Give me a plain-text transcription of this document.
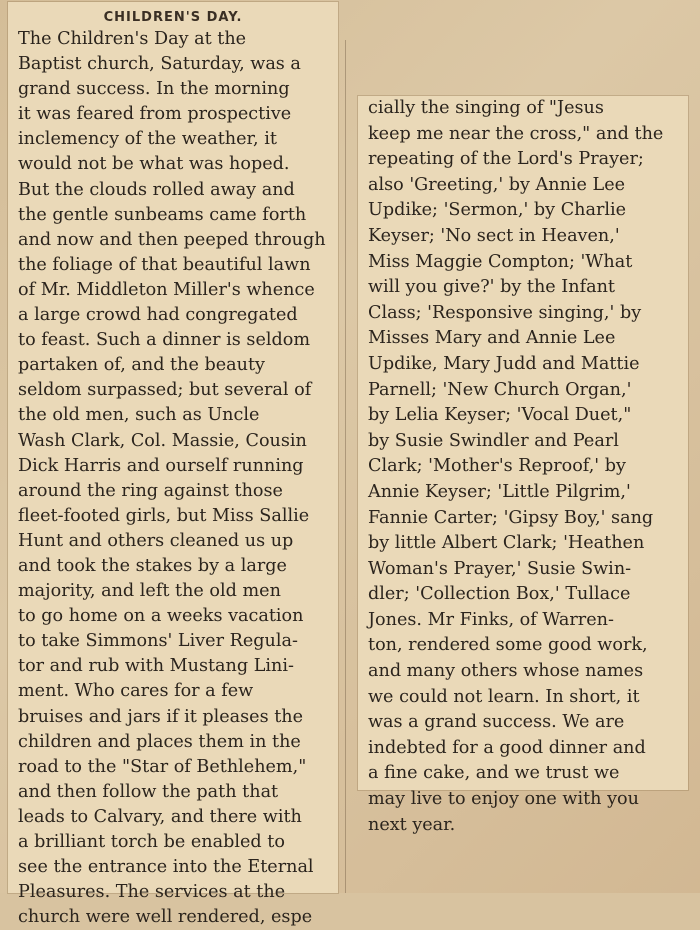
CHILDREN'S DAY.

The Children's Day at the
Baptist church, Saturday, was a
grand success. In the morning
it was feared from prospective
inclemency of the weather, it
would not be what was hoped.
But the clouds rolled away and
the gentle sunbeams came forth
and now and then peeped through
the foliage of that beautiful lawn
of Mr. Middleton Miller's whence
a large crowd had congregated
to feast. Such a dinner is seldom
partaken of, and the beauty
seldom surpassed; but several of
the old men, such as Uncle
Wash Clark, Col. Massie, Cousin
Dick Harris and ourself running
around the ring against those
fleet-footed girls, but Miss Sallie
Hunt and others cleaned us up
and took the stakes by a large
majority, and left the old men
to go home on a weeks vacation
to take Simmons' Liver Regula-
tor and rub with Mustang Lini-
ment. Who cares for a few
bruises and jars if it pleases the
children and places them in the
road to the "Star of Bethlehem,"
and then follow the path that
leads to Calvary, and there with
a brilliant torch be enabled to
see the entrance into the Eternal
Pleasures. The services at the
church were well rendered, espe

cially the singing of "Jesus
keep me near the cross," and the
repeating of the Lord's Prayer;
also 'Greeting,' by Annie Lee
Updike; 'Sermon,' by Charlie
Keyser; 'No sect in Heaven,'
Miss Maggie Compton; 'What
will you give?' by the Infant
Class; 'Responsive singing,' by
Misses Mary and Annie Lee
Updike, Mary Judd and Mattie
Parnell; 'New Church Organ,'
by Lelia Keyser; 'Vocal Duet,"
by Susie Swindler and Pearl
Clark; 'Mother's Reproof,' by
Annie Keyser; 'Little Pilgrim,'
Fannie Carter; 'Gipsy Boy,' sang
by little Albert Clark; 'Heathen
Woman's Prayer,' Susie Swin-
dler; 'Collection Box,' Tullace
Jones. Mr Finks, of Warren-
ton, rendered some good work,
and many others whose names
we could not learn. In short, it
was a grand success. We are
indebted for a good dinner and
a fine cake, and we trust we
may live to enjoy one with you
next year.
